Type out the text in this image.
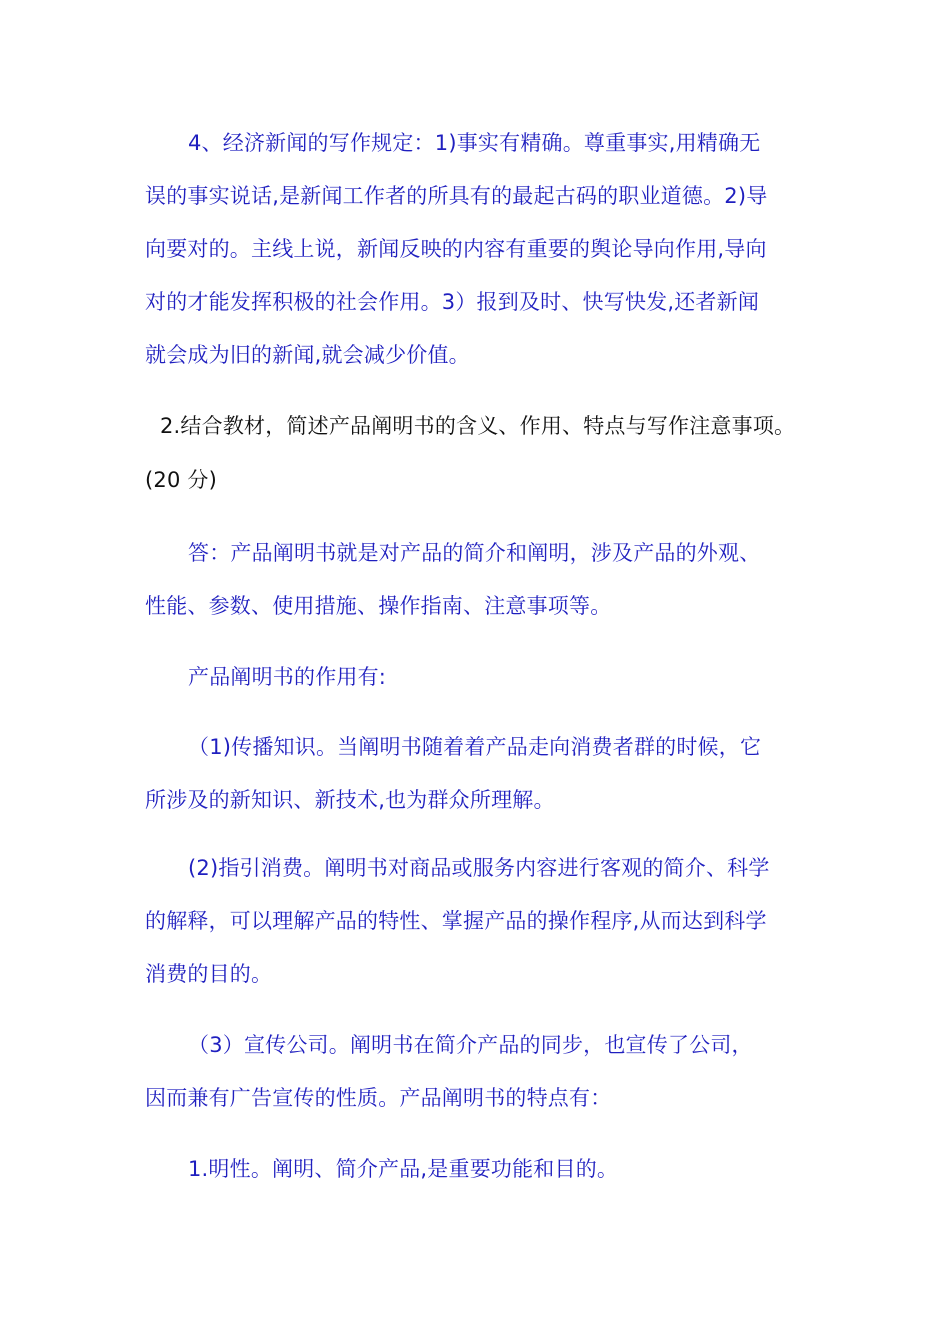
4、经济新闻的写作规定：1)事实有精确。尊重事实,用精确无
误的事实说话,是新闻工作者的所具有的最起古码的职业道德。2)导
向要对的。主线上说，新闻反映的内容有重要的舆论导向作用,导向
对的才能发挥积极的社会作用。3）报到及时、快写快发,还者新闻
就会成为旧的新闻,就会减少价值。
2.结合教材，简述产品阐明书的含义、作用、特点与写作注意事项。
(20 分)
答：产品阐明书就是对产品的简介和阐明，涉及产品的外观、
性能、参数、使用措施、操作指南、注意事项等。
产品阐明书的作用有:
（1)传播知识。当阐明书随着着产品走向消费者群的时候，它
所涉及的新知识、新技术,也为群众所理解。
(2)指引消费。阐明书对商品或服务内容进行客观的简介、科学
的解释，可以理解产品的特性、掌握产品的操作程序,从而达到科学
消费的目的。
（3）宣传公司。阐明书在简介产品的同步，也宣传了公司，
因而兼有广告宣传的性质。产品阐明书的特点有：
1.明性。阐明、简介产品,是重要功能和目的。
